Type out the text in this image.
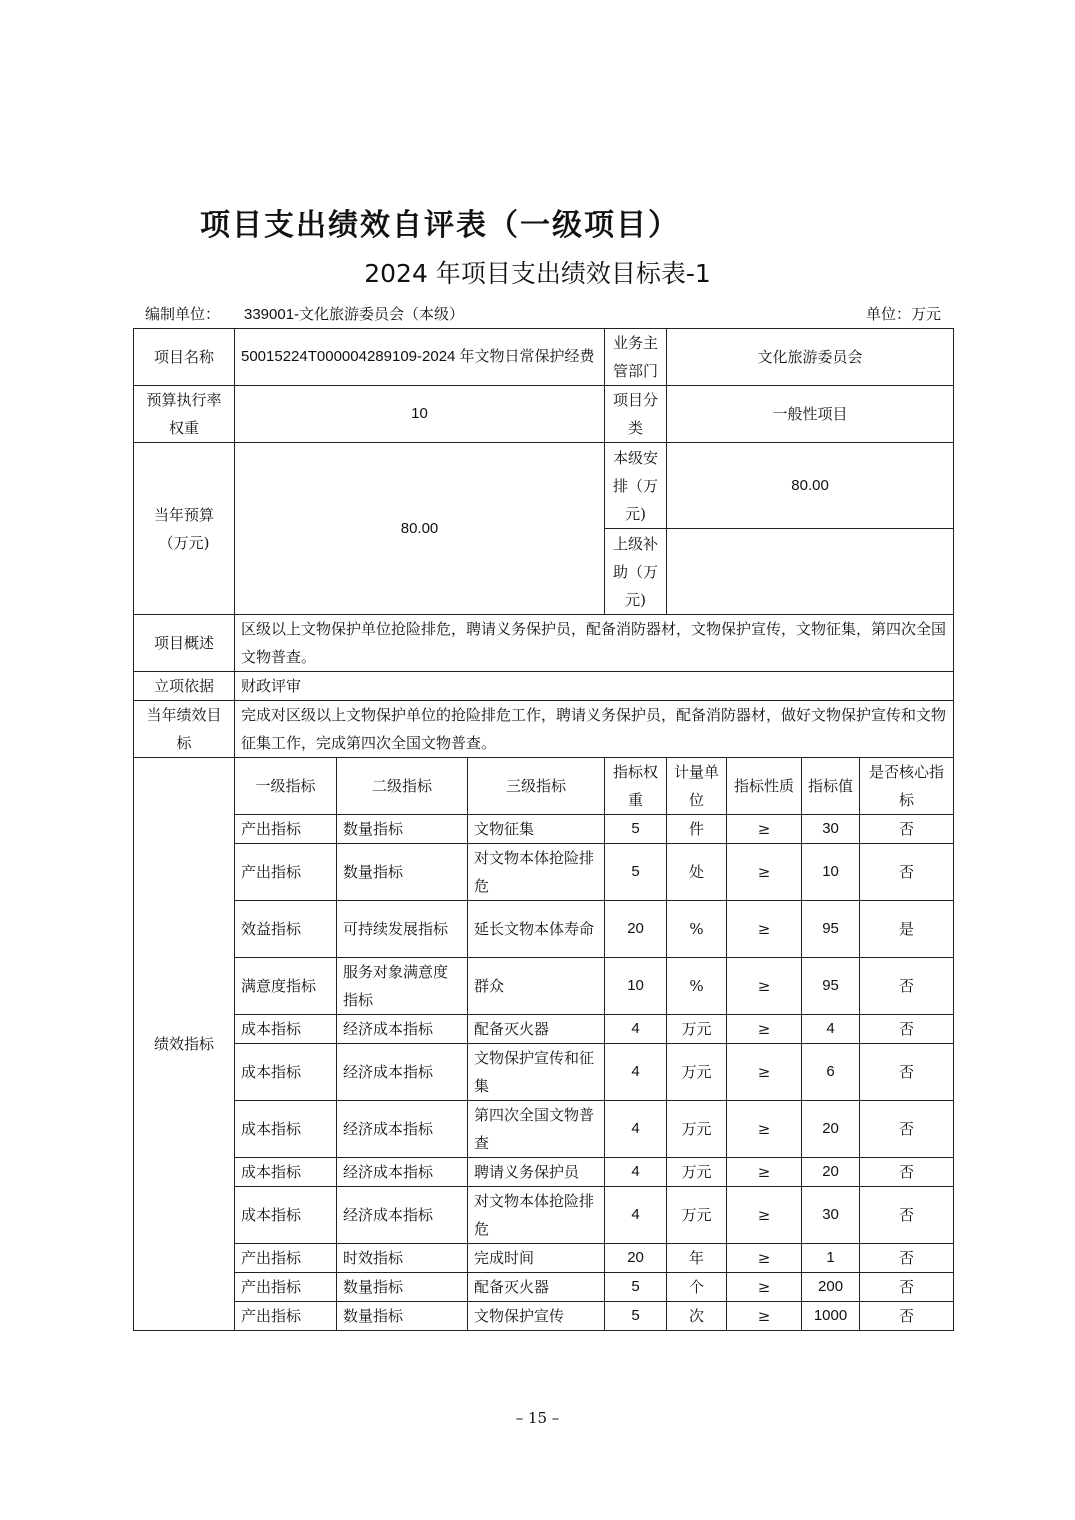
项目支出绩效自评表（一级项目）
2024 年项目支出绩效目标表-1
编制单位： 339001-文化旅游委员会（本级）	单位：万元
项目名称	50015224T000004289109-2024 年文物日常保护经费			业务主管部门	文化旅游委员会			
预算执行率权重	10			项目分类	一般性项目			
当年预算（万元)	80.00			本级安排（万元)	80.00			
				上级补助（万元)				
项目概述	区级以上文物保护单位抢险排危，聘请义务保护员，配备消防器材，文物保护宣传，文物征集，第四次全国文物普查。							
立项依据	财政评审							
当年绩效目标	完成对区级以上文物保护单位的抢险排危工作，聘请义务保护员，配备消防器材，做好文物保护宣传和文物征集工作，完成第四次全国文物普查。							
绩效指标	一级指标	二级指标	三级指标	指标权重	计量单位	指标性质	指标值	是否核心指标
	产出指标	数量指标	文物征集	5	件	≥	30	否
	产出指标	数量指标	对文物本体抢险排危	5	处	≥	10	否
	效益指标	可持续发展指标	延长文物本体寿命	20	%	≥	95	是
	满意度指标	服务对象满意度指标	群众	10	%	≥	95	否
	成本指标	经济成本指标	配备灭火器	4	万元	≥	4	否
	成本指标	经济成本指标	文物保护宣传和征集	4	万元	≥	6	否
	成本指标	经济成本指标	第四次全国文物普查	4	万元	≥	20	否
	成本指标	经济成本指标	聘请义务保护员	4	万元	≥	20	否
	成本指标	经济成本指标	对文物本体抢险排危	4	万元	≥	30	否
	产出指标	时效指标	完成时间	20	年	≥	1	否
	产出指标	数量指标	配备灭火器	5	个	≥	200	否
	产出指标	数量指标	文物保护宣传	5	次	≥	1000	否
– 15 –
